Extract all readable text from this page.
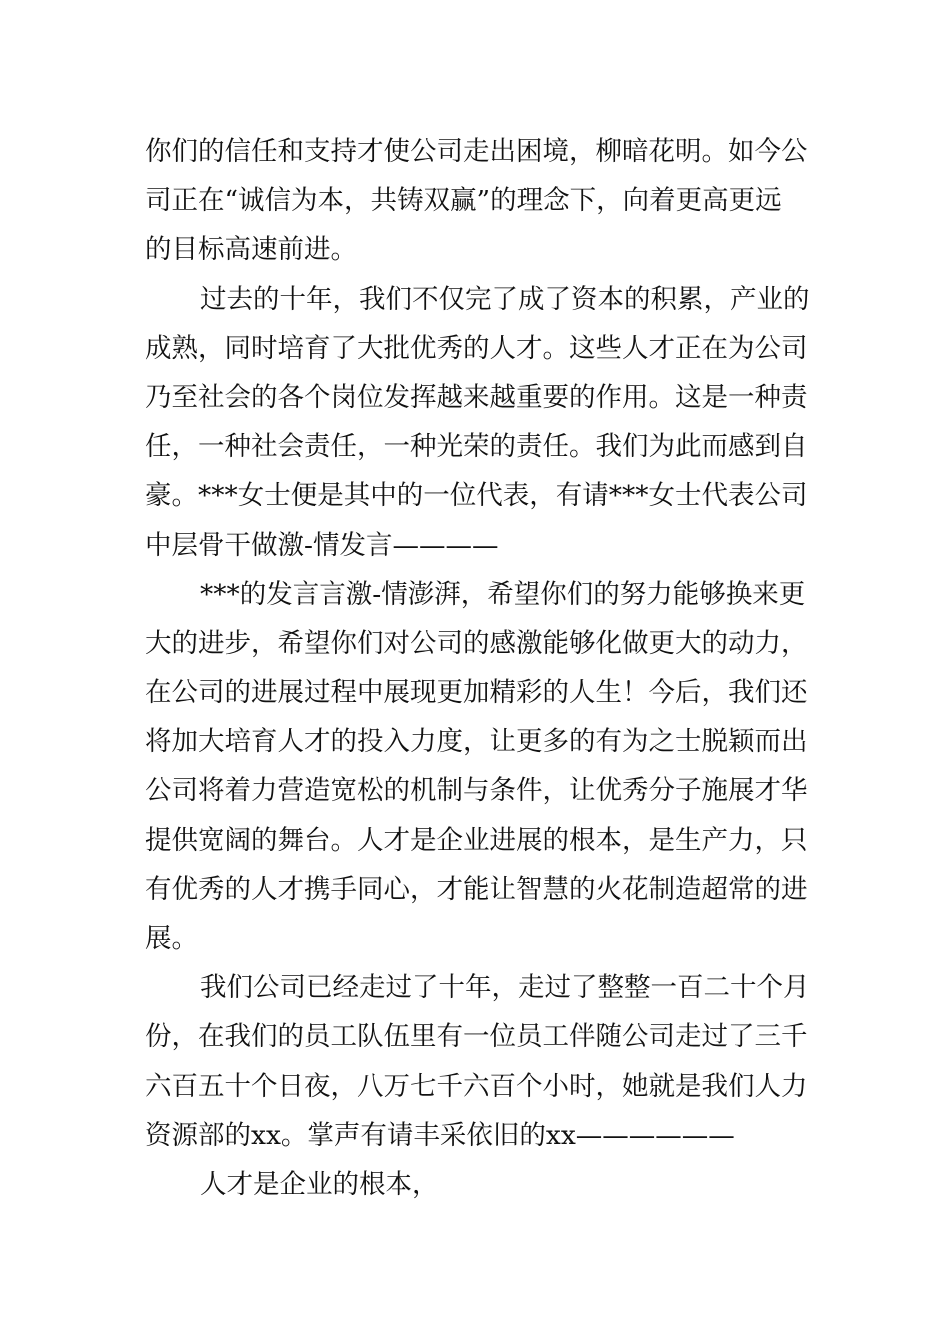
你们的信任和支持才使公司走出困境，柳暗花明。如今公
司正在“诚信为本，共铸双赢”的理念下，向着更高更远
的目标高速前进。
过去的十年，我们不仅完了成了资本的积累，产业的
成熟，同时培育了大批优秀的人才。这些人才正在为公司
乃至社会的各个岗位发挥越来越重要的作用。这是一种责
任，一种社会责任，一种光荣的责任。我们为此而感到自
豪。***女士便是其中的一位代表，有请***女士代表公司
中层骨干做激-情发言————
***的发言言激-情澎湃，希望你们的努力能够换来更
大的进步，希望你们对公司的感激能够化做更大的动力，
在公司的进展过程中展现更加精彩的人生！今后，我们还
将加大培育人才的投入力度，让更多的有为之士脱颖而出
公司将着力营造宽松的机制与条件，让优秀分子施展才华
提供宽阔的舞台。人才是企业进展的根本，是生产力，只
有优秀的人才携手同心，才能让智慧的火花制造超常的进
展。
我们公司已经走过了十年，走过了整整一百二十个月
份，在我们的员工队伍里有一位员工伴随公司走过了三千
六百五十个日夜，八万七千六百个小时，她就是我们人力
资源部的xx。掌声有请丰采依旧的xx——————
人才是企业的根本，
